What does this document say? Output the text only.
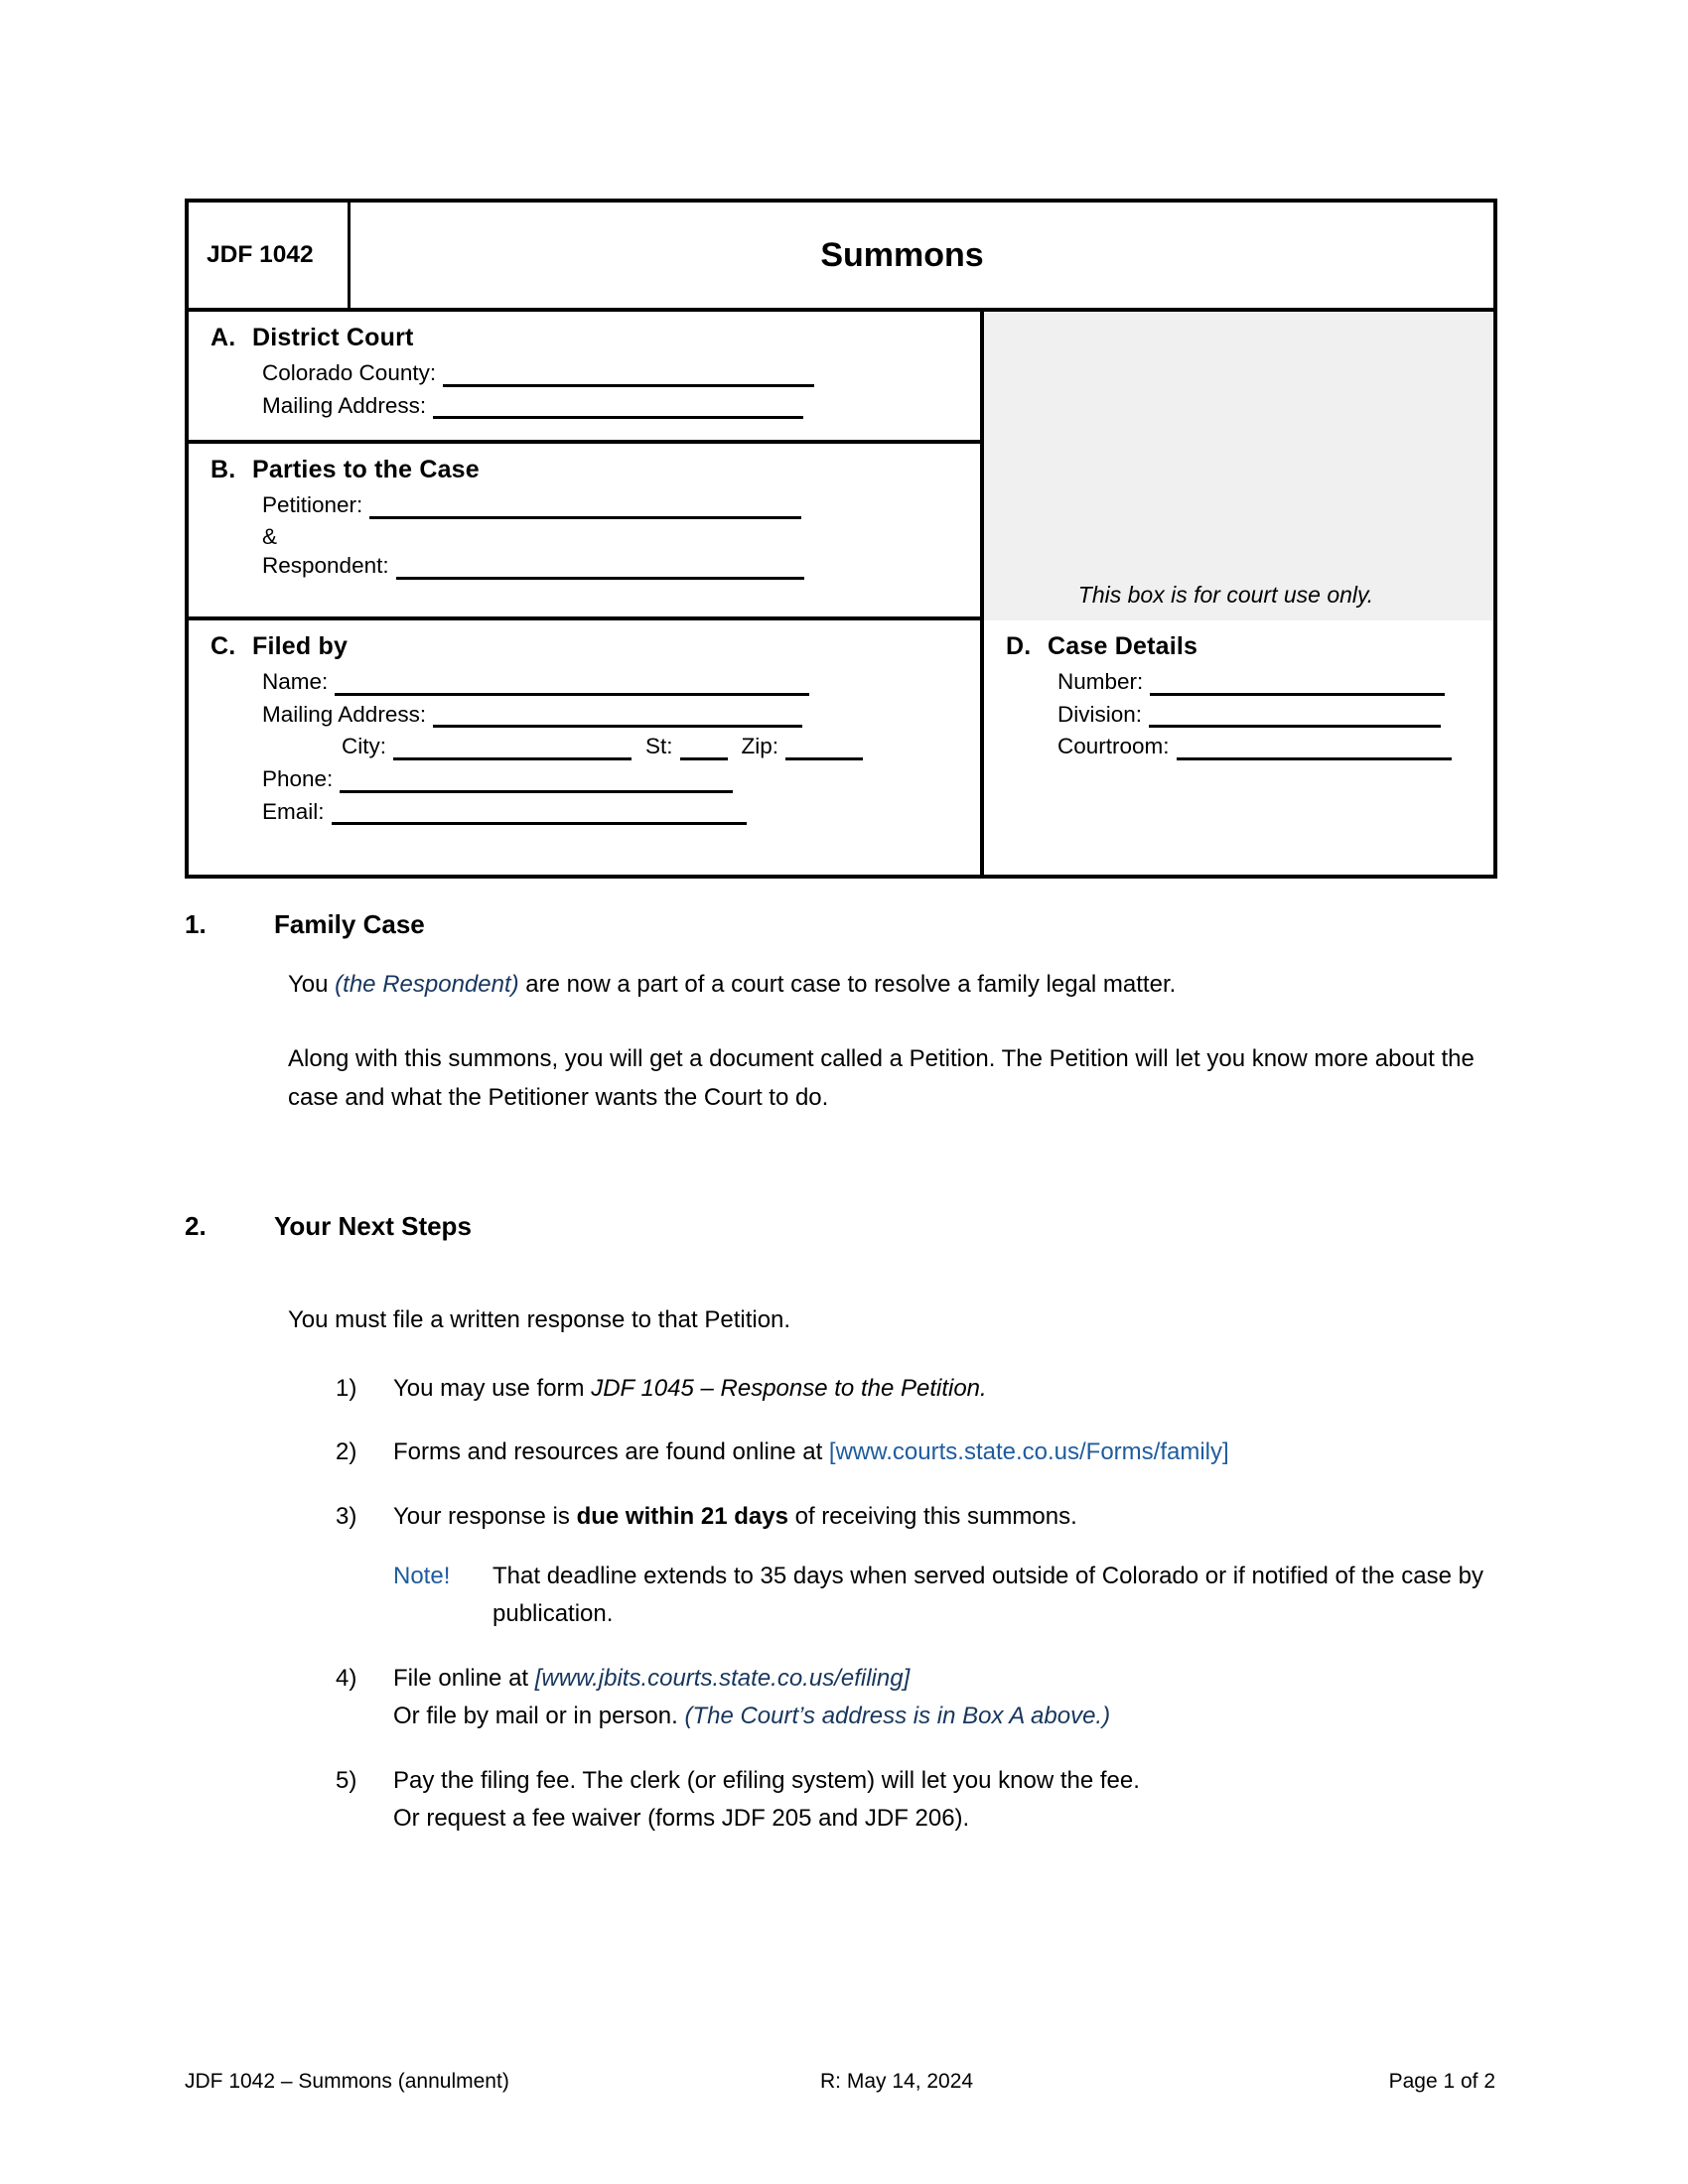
JDF 1042	Summons
A. District Court
Colorado County:
Mailing Address:
B. Parties to the Case
Petitioner:
&
Respondent:
This box is for court use only.
C. Filed by
Name:
Mailing Address:
City:	St:	Zip:
Phone:
Email:
D. Case Details
Number:
Division:
Courtroom:
1.	Family Case
You (the Respondent) are now a part of a court case to resolve a family legal matter.
Along with this summons, you will get a document called a Petition. The Petition will let you know more about the case and what the Petitioner wants the Court to do.
2.	Your Next Steps
You must file a written response to that Petition.
1)	You may use form JDF 1045 – Response to the Petition.
2)	Forms and resources are found online at [www.courts.state.co.us/Forms/family]
3)	Your response is due within 21 days of receiving this summons.
Note!	That deadline extends to 35 days when served outside of Colorado or if notified of the case by publication.
4)	File online at [www.jbits.courts.state.co.us/efiling]
Or file by mail or in person. (The Court’s address is in Box A above.)
5)	Pay the filing fee. The clerk (or efiling system) will let you know the fee.
Or request a fee waiver (forms JDF 205 and JDF 206).
JDF 1042 – Summons (annulment)	R: May 14, 2024	Page 1 of 2
